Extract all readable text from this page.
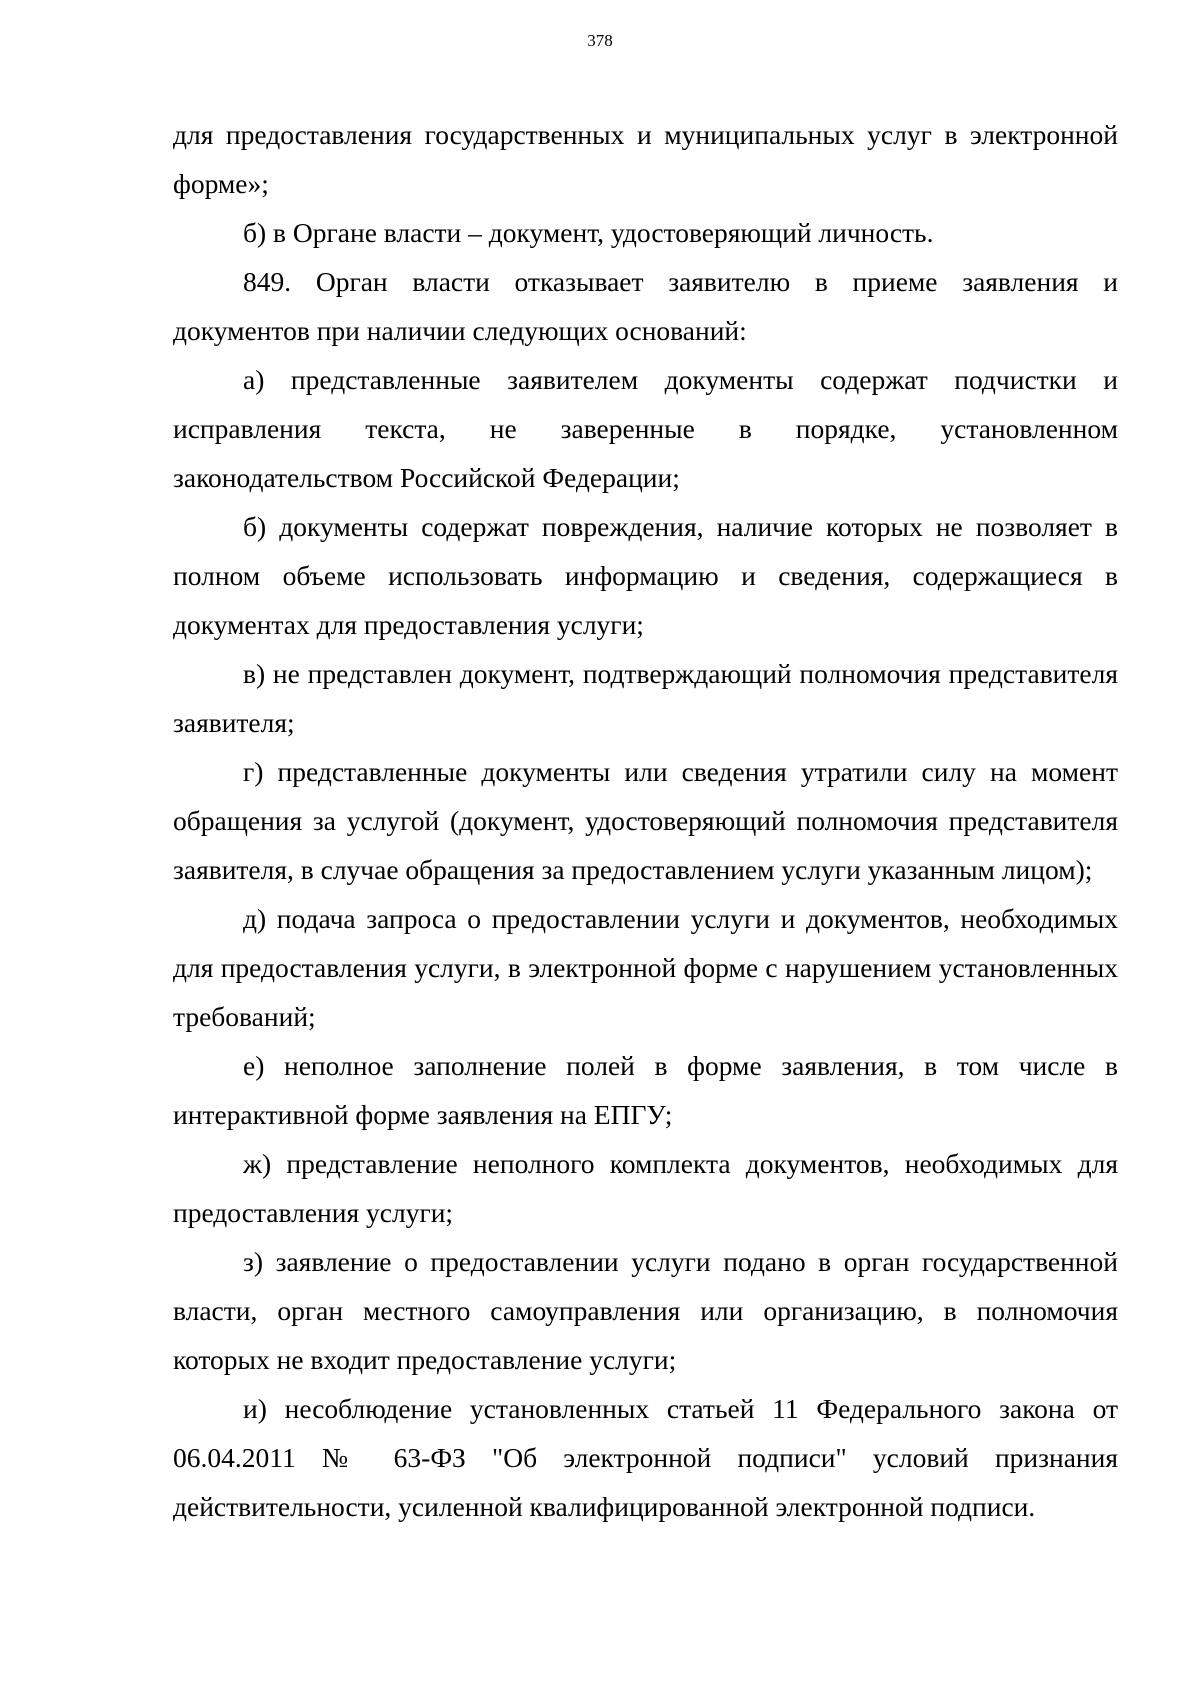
378

для предоставления государственных и муниципальных услуг в электронной форме»;

б) в Органе власти – документ, удостоверяющий личность.

849. Орган власти отказывает заявителю в приеме заявления и документов при наличии следующих оснований:

а) представленные заявителем документы содержат подчистки и исправления текста, не заверенные в порядке, установленном законодательством Российской Федерации;

б) документы содержат повреждения, наличие которых не позволяет в полном объеме использовать информацию и сведения, содержащиеся в документах для предоставления услуги;

в) не представлен документ, подтверждающий полномочия представителя заявителя;

г) представленные документы или сведения утратили силу на момент обращения за услугой (документ, удостоверяющий полномочия представителя заявителя, в случае обращения за предоставлением услуги указанным лицом);

д) подача запроса о предоставлении услуги и документов, необходимых для предоставления услуги, в электронной форме с нарушением установленных требований;

е) неполное заполнение полей в форме заявления, в том числе в интерактивной форме заявления на ЕПГУ;

ж) представление неполного комплекта документов, необходимых для предоставления услуги;

з) заявление о предоставлении услуги подано в орган государственной власти, орган местного самоуправления или организацию, в полномочия которых не входит предоставление услуги;

и) несоблюдение установленных статьей 11 Федерального закона от 06.04.2011 № 63-ФЗ "Об электронной подписи" условий признания действительности, усиленной квалифицированной электронной подписи.
